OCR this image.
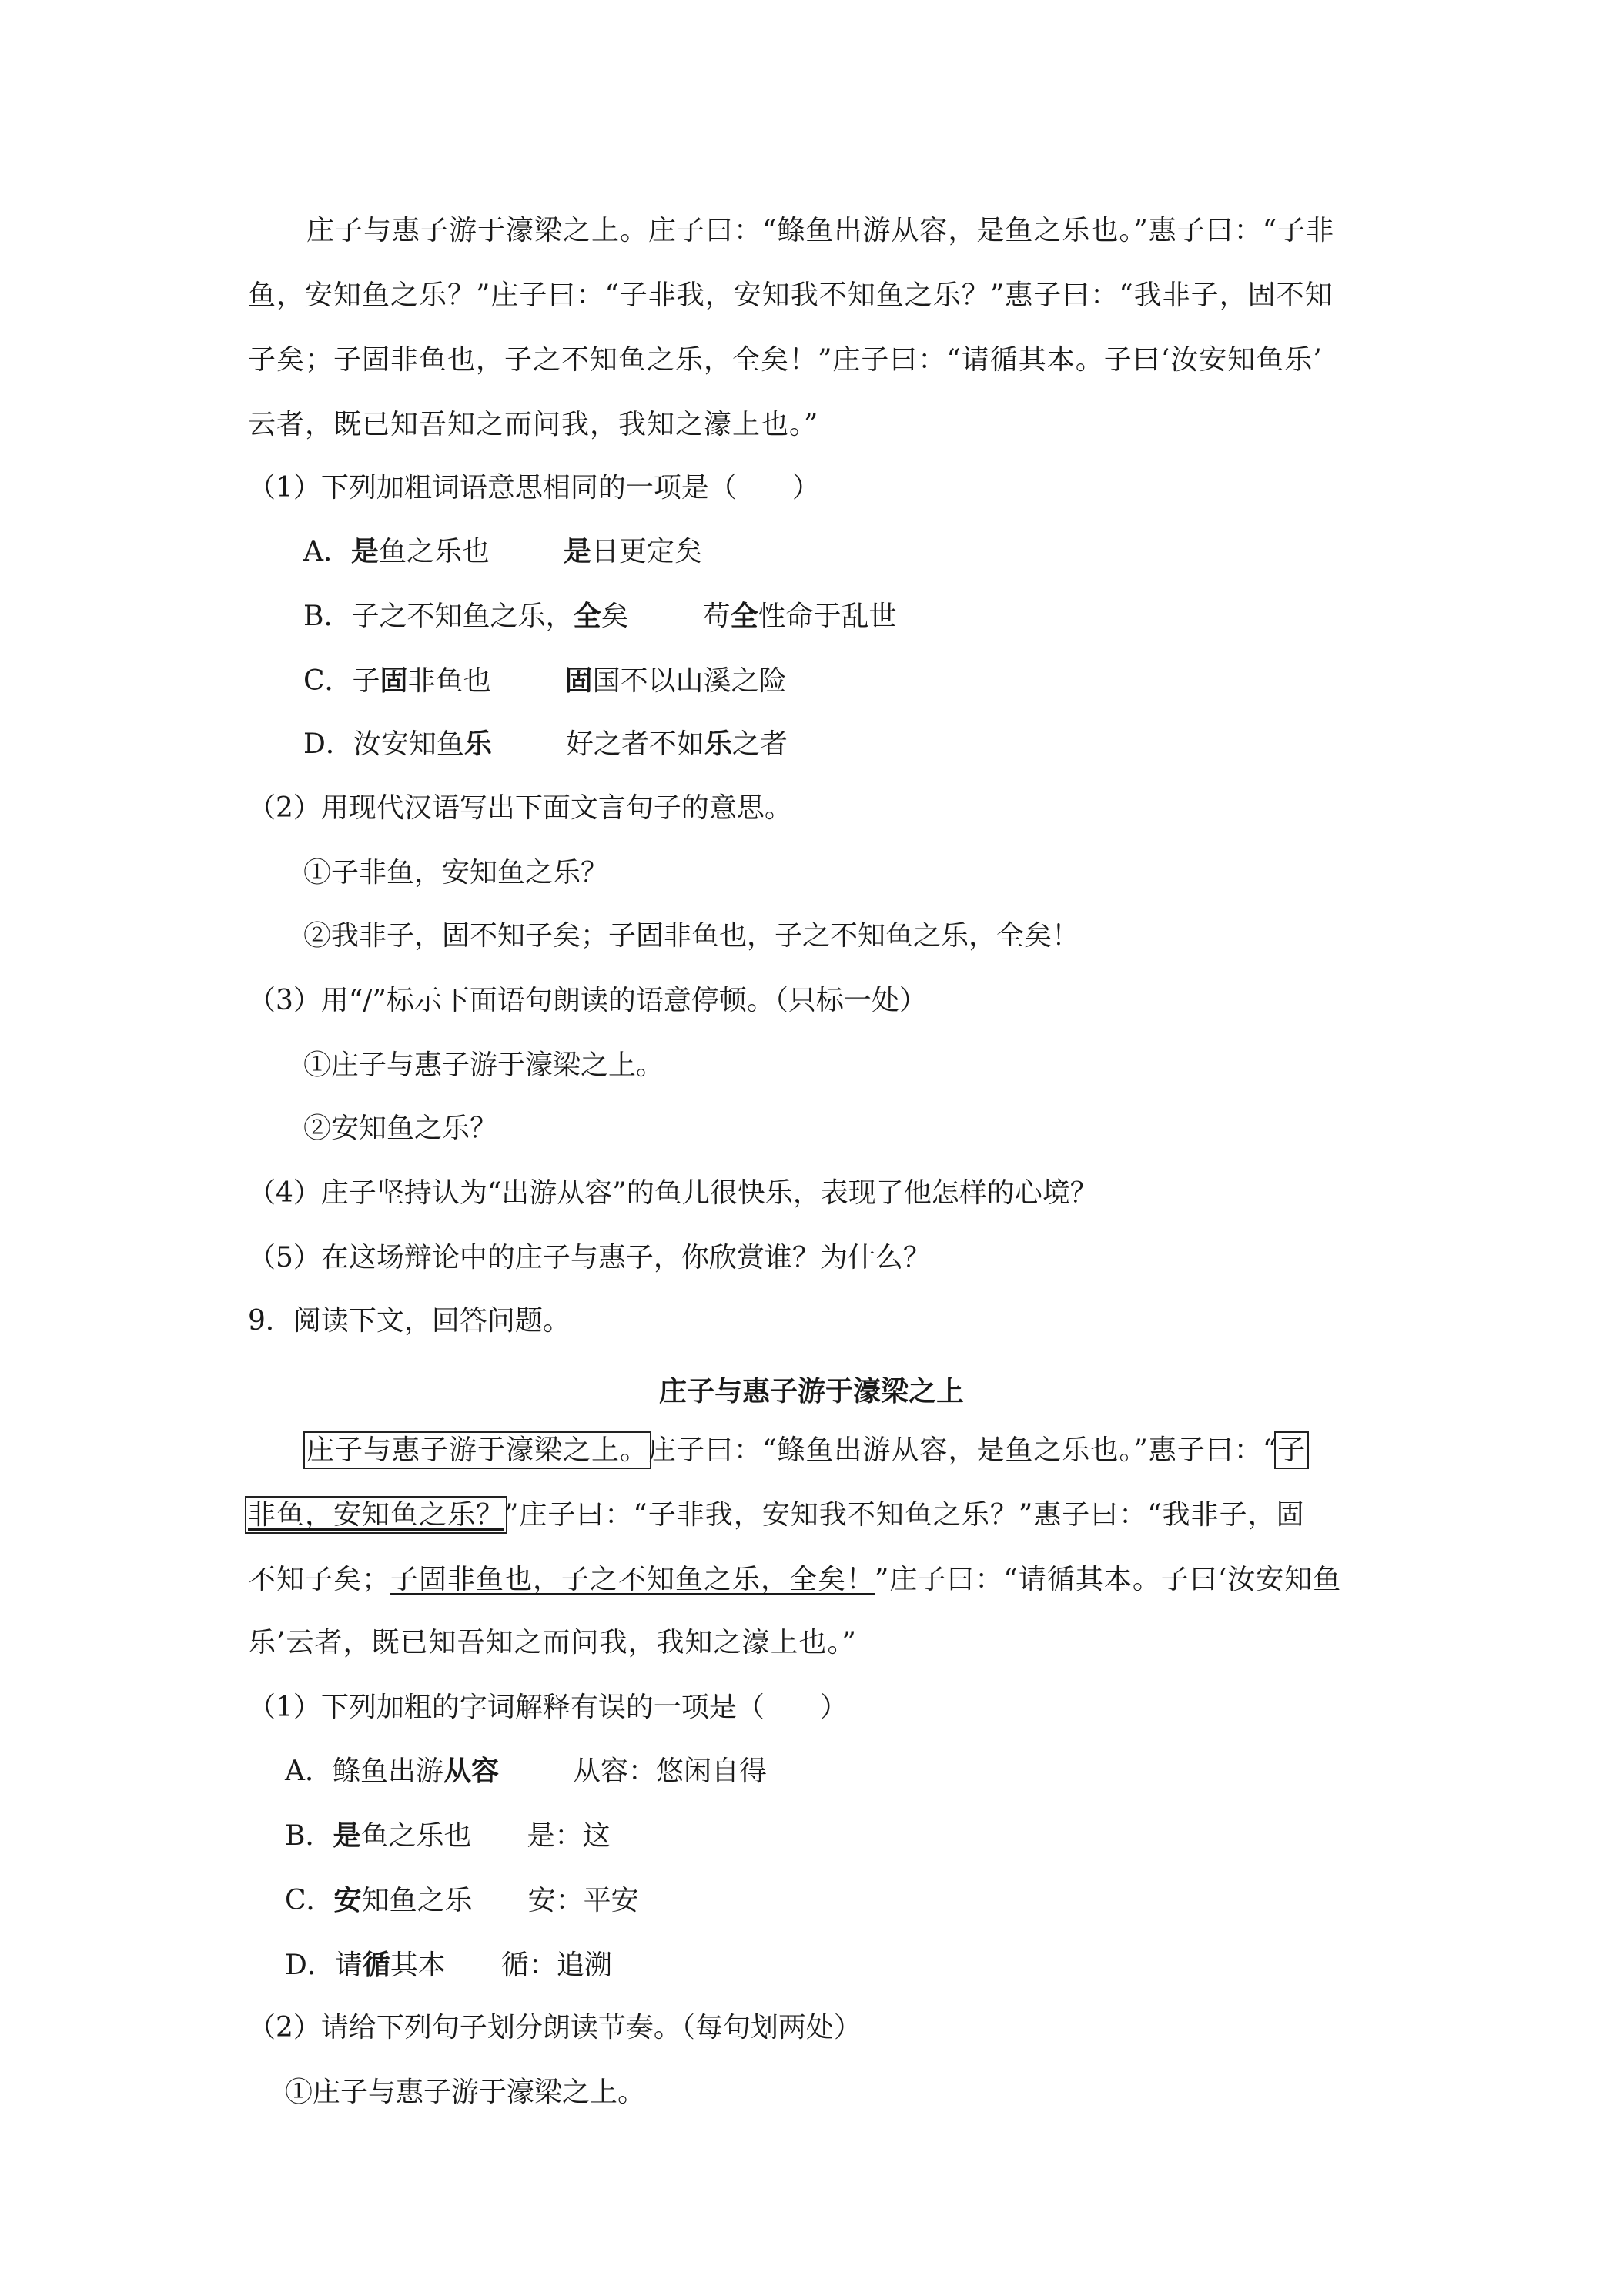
庄子与惠子游于濠梁之上。庄子曰：“鲦鱼出游从容，是鱼之乐也。”惠子曰：“子非
鱼，安知鱼之乐？”庄子曰：“子非我，安知我不知鱼之乐？”惠子曰：“我非子，固不知
子矣；子固非鱼也，子之不知鱼之乐，全矣！”庄子曰：“请循其本。子曰‘汝安知鱼乐’
云者，既已知吾知之而问我，我知之濠上也。”
（1）下列加粗词语意思相同的一项是（　　）
A．是鱼之乐也	是日更定矣
B．子之不知鱼之乐，全矣	苟全性命于乱世
C．子固非鱼也	固国不以山溪之险
D．汝安知鱼乐	好之者不如乐之者
（2）用现代汉语写出下面文言句子的意思。
①子非鱼，安知鱼之乐？
②我非子，固不知子矣；子固非鱼也，子之不知鱼之乐，全矣！
（3）用“/”标示下面语句朗读的语意停顿。（只标一处）
①庄子与惠子游于濠梁之上。
②安知鱼之乐？
（4）庄子坚持认为“出游从容”的鱼儿很快乐，表现了他怎样的心境？
（5）在这场辩论中的庄子与惠子，你欣赏谁？为什么？
9．阅读下文，回答问题。
庄子与惠子游于濠梁之上
庄子与惠子游于濠梁之上。庄子曰：“鲦鱼出游从容，是鱼之乐也。”惠子曰：“子
非鱼，安知鱼之乐？”庄子曰：“子非我，安知我不知鱼之乐？”惠子曰：“我非子，固
不知子矣；子固非鱼也，子之不知鱼之乐，全矣！”庄子曰：“请循其本。子曰‘汝安知鱼
乐’云者，既已知吾知之而问我，我知之濠上也。”
（1）下列加粗的字词解释有误的一项是（　　）
A．鲦鱼出游从容	从容：悠闲自得
B．是鱼之乐也 是：这
C．安知鱼之乐 安：平安
D．请循其本 循：追溯
（2）请给下列句子划分朗读节奏。（每句划两处）
①庄子与惠子游于濠梁之上。
